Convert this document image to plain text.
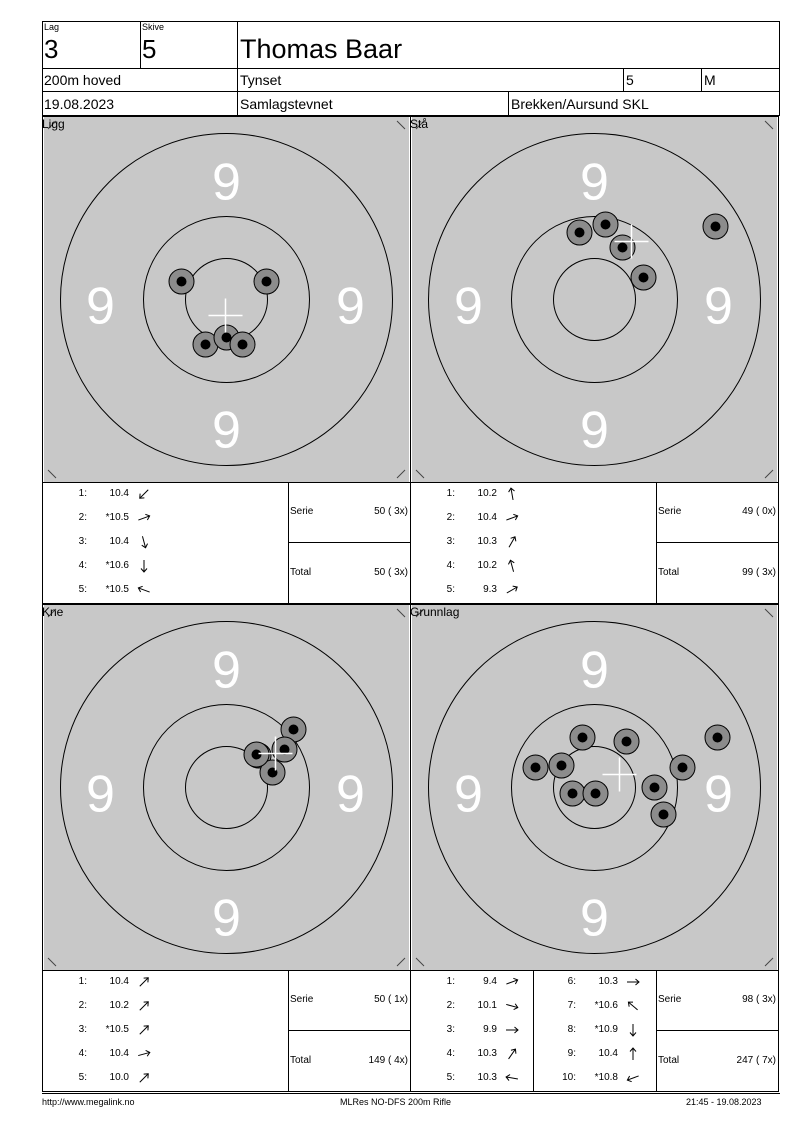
Lag
3
Skive
5	Thomas Baar
200m hoved	Tynset	5	M
19.08.2023	Samlagstevnet	Brekken/Aursund SKL
9
9
9	9
Ligg
1:	10.4
2:	*10.5
3:	10.4
4:	*10.6
5:	*10.5
Serie	50 ( 3x)
Total	50 ( 3x)
9
9
9	9
Stå
1:	10.2
2:	10.4
3:	10.3
4:	10.2
5:	9.3
Serie	49 ( 0x)
Total	99 ( 3x)
9
9
9	9
Kne
1:	10.4
2:	10.2
3:	*10.5
4:	10.4
5:	10.0
Serie	50 ( 1x)
Total	149 ( 4x)
9
9
9	9
Grunnlag
1:	9.4
2:	10.1
3:	9.9
4:	10.3
5:	10.3
6:	10.3
7:	*10.6
8:	*10.9
9:	10.4
10:	*10.8
Serie	98 ( 3x)
Total	247 ( 7x)
http://www.megalink.no	MLRes NO-DFS 200m Rifle	21:45 - 19.08.2023
